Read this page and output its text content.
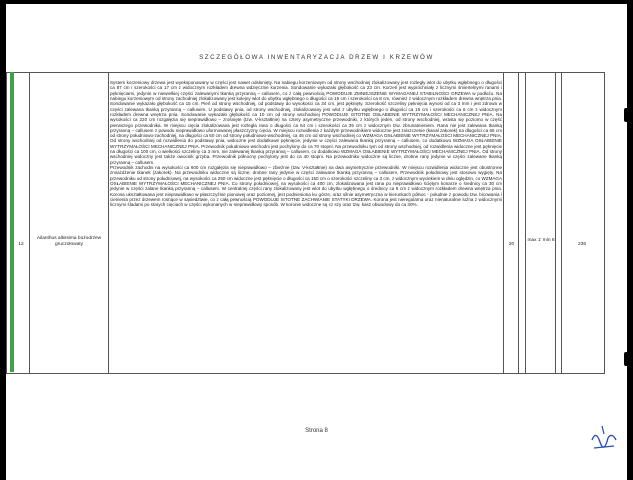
SZCZEGÓŁOWA INWENTARYZACJA DRZEW I KRZEWÓW
12
Ailanthus altissima bożodrzew gruczołowaty	20
max 1' min 6
236

System korzeniowy drzewa jest wyeksponowany w części jest nawet odsłonięty. Na nabiegu korzeniowym od strony wschodniej zlokalizowany jest rozległy wlot do ubytku wgłębnego o długości ca 87 cm i szerokości ca 17 cm z widocznym rozkładem drewna wdzięcznie korzenia. Sondowanie wykazało głębokość ca 23 cm. Korzeń jest wypróchniały z licznymi śmiertelnymi ranami i pęknięciami, jedynie w niewielkiej części zalewanymi tkanką przyranną – callusem, co z całą pewnością POWODUJE ZMNIEJSZENIE WYMAGANEJ STABILNOŚCI DRZEWA w podłożu. Na nabiegu korzeniowym od strony zachodniej zlokalizowany jest kolejny wlot do ubytku wgłębnego o długości ca 15 cm i szerokości ca 8 cm, również z widocznym rozkładem drewna wnętrza pnia. Sondowanie wykazało głębokość ca 15 cm. Pień od strony wschodniej, od podstawy do wysokości ca 34 cm, jest pęknięty. Szerokość szczeliny pęknięcia wynosi od ca 3 mm i jest zdrowa w części zalewana tkanką przyranną – callusem. U podstawy pnia, od strony wschodniej, zlokalizowany jest wlot z ubytku wgłębnego o długości ca 15 cm i szerokości ca 6 cm z widocznym rozkładem drewna wnętrza pnia. Sondowanie wykazało głębokość ca 10 cm od strony wschodniej POWODUJE ISTOTNE OSŁABIENIE WYTRZYMAŁOŚCI MECHANICZNEJ PNIA. Na wysokości ca 220 cm rozgałęzia się nieprawidłowo – zrośnięte (tzw. V-kształtnie) na cztery asymetryczne przewodniki, z których jeden, od strony wschodniej, wrasta się poziomo w część pierwszego przewodnika. W miejscu cięcia zlokalizowana jest rozległa rana o długości ca 64 cm i szerokości ca 35 cm z widocznym tzw. zbrunatnieniem. Rana nie jest zalewana tkanką przyranną – callusem z powodu nieprawidłowo uformowanej płaszczyzny cięcia. W miejscu rozwidlenia z każdym przewodnikiem widoczne jest zniszczenie (kanał zakorek) na długości ca 65 cm od strony południowo-zachodniej, na długości ca 50 cm od strony południowo-wschodniej, ca 45 cm od strony wschodniej co WZMAGA OSŁABIENIE WYTRZYMAŁOŚCI MECHANICZNEJ PNIA. Od strony wschodniej od rozwidlenia do podstawy pnia, widoczne jest dodatkowe pęknięcie, jedynie w części zalewana tkanką przyranną – callusem, co dodatkowo WZMAGA OSŁABIENIE WYTRZYMAŁOŚCI MECHANICZNEJ PNIA. Przewodnik południowo-wschodni jest pochylony do ca 70 stopni. Na przewodniku tym od strony wschodniej, od rozwidlenia widoczne jest pęknięcie na długości ca 100 cm, o wielkości szczeliny ca 3 mm, nie zalewanej tkanką przyranną – callusem, co dodatkowo WZMAGA OSŁABIENIE WYTRZYMAŁOŚCI MECHANICZNEJ PNIA. Od strony wschodniej widoczny jest także owocnik grzyba. Przewodnik północny pochylony jest do ca 40 stopni. Na przewodniku widoczne są liczne, drobne rany jedynie w części zalewane tkanką przyranną – callusem.

Przewodnik zachodni na wysokości ca 600 cm rozgałęzia się nieprawidłowo – zbieżnie (tzw. V-kształtnie) na dwa asymetryczne przewodniki. W miejscu rozwidlenia widoczne jest obustronne zmiażdżenie tkanek (zakorek). Na przewodniku widoczne są liczne, drobne rany jedynie w części zalewane tkanką przyranną – callusem. Przewodnik południowy jest stosowo wygięty. Na przewodniku od strony południowej, na wysokości ca 250 cm widoczne jest pęknięcie o długości ca 150 cm o szerokości szczeliny ca 3 cm, z widocznym wyciekiem w dniu oględzin, co WZMAGA OSŁABIENIE WYTRZYMAŁOŚCI MECHANICZNEJ PNIA. Co strony południowej, na wysokości ca 400 cm, zlokalizowana jest rana po nieprawidłowo ściętym konarze o średnicy ca 30 cm jedynie w części zalane tkanką przyranną – callusem. W centralnej części rany zlokalizowany jest wlot do ubytku wgłębnego o średnicy ca 8 cm z widocznym rozkładem drewna wnętrza pnia. Korona ukształtowana jest nieprawidłowo w płaszczyźnie pionowej oraz poziomej, jest podniesiona ku górze, oraz silnie asymetryczna w kierunkach północ - południe z powodu tzw. bicowania i cienienia przez drzewem rosnące w sąsiedztwie, co z całą pewnością POWODUJE ISTOTNE ZACHWIANIE STATYKI DRZEWA. Korona jest nieregularna oraz nienaturalnie luźna z widocznymi licznymi śladami po starych cięciach w części wykonanych w nieprawidłowy sposób. W koronie widoczne są cz szy oraz tzw. kasz obwodowy do ca 30%.

Strona 8
